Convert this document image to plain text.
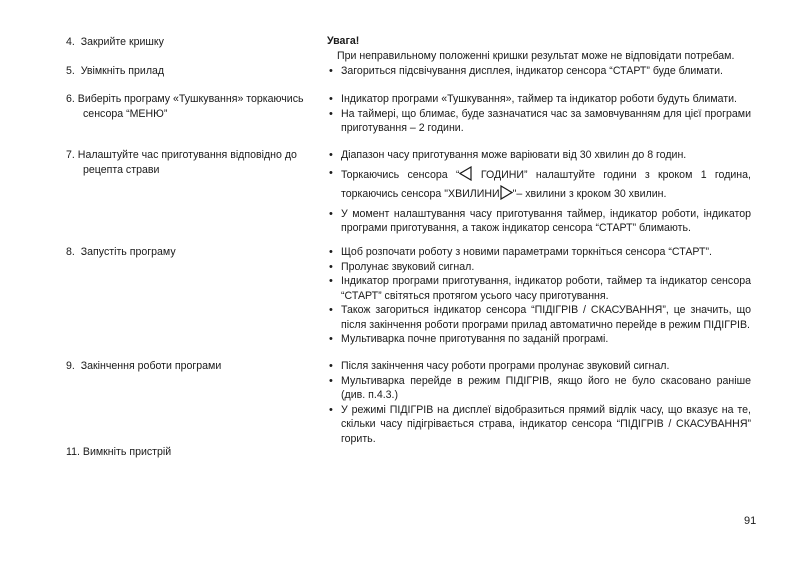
4. Закрийте кришку
5. Увімкніть прилад
6. Виберіть програму «Тушкування» торкаючись
сенсора “МЕНЮ”
7. Налаштуйте час приготування відповідно до
рецепта страви
8. Запустіть програму
9. Закінчення роботи програми
11. Вимкніть пристрій
Увага!
При неправильному положенні кришки результат може не відповідати потребам.
• Загориться підсвічування дисплея, індикатор сенсора “СТАРТ” буде блимати.
• Індикатор програми «Тушкування», таймер та індикатор роботи будуть блимати.
• На таймері, що блимає, буде зазначатися час за замовчуванням для цієї програми приготування – 2 години.
• Діапазон часу приготування може варіювати від 30 хвилин до 8 годин.
• Торкаючись сенсора “ ГОДИНИ” налаштуйте години з кроком 1 година, торкаючись сенсора "ХВИЛИНИ "– хвилини з кроком 30 хвилин.
• У момент налаштування часу приготування таймер, індикатор роботи, індикатор програми приготування, а також індикатор сенсора “СТАРТ” блимають.
• Щоб розпочати роботу з новими параметрами торкніться сенсора “СТАРТ”.
• Пролунає звуковий сигнал.
• Індикатор програми приготування, індикатор роботи, таймер та індикатор сенсора “СТАРТ” світяться протягом усього часу приготування.
• Також загориться індикатор сенсора “ПІДІГРІВ / СКАСУВАННЯ”, це значить, що після закінчення роботи програми прилад автоматично перейде в режим ПІДІГРІВ.
• Мультиварка почне приготування по заданій програмі.
• Після закінчення часу роботи програми пролунає звуковий сигнал.
• Мультиварка перейде в режим ПІДІГРІВ, якщо його не було скасовано раніше (див. п.4.3.)
• У режимі ПІДІГРІВ на дисплеї відобразиться прямий відлік часу, що вказує на те, скільки часу підігрівається страва, індикатор сенсора “ПІДІГРІВ / СКАСУВАННЯ” горить.
91
